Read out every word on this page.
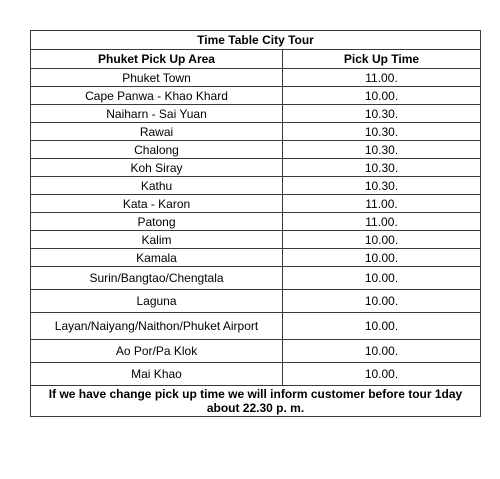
Time Table City Tour	
Phuket Pick Up Area	Pick Up Time
Phuket Town	11.00.
Cape Panwa - Khao Khard	10.00.
Naiharn - Sai Yuan	10.30.
Rawai	10.30.
Chalong	10.30.
Koh Siray	10.30.
Kathu	10.30.
Kata - Karon	11.00.
Patong	11.00.
Kalim	10.00.
Kamala	10.00.
Surin/Bangtao/Chengtala	10.00.
Laguna	10.00.
Layan/Naiyang/Naithon/Phuket Airport	10.00.
Ao Por/Pa Klok	10.00.
Mai Khao	10.00.

If we have change pick up time we will inform customer before tour 1day
about 22.30 p. m.	
